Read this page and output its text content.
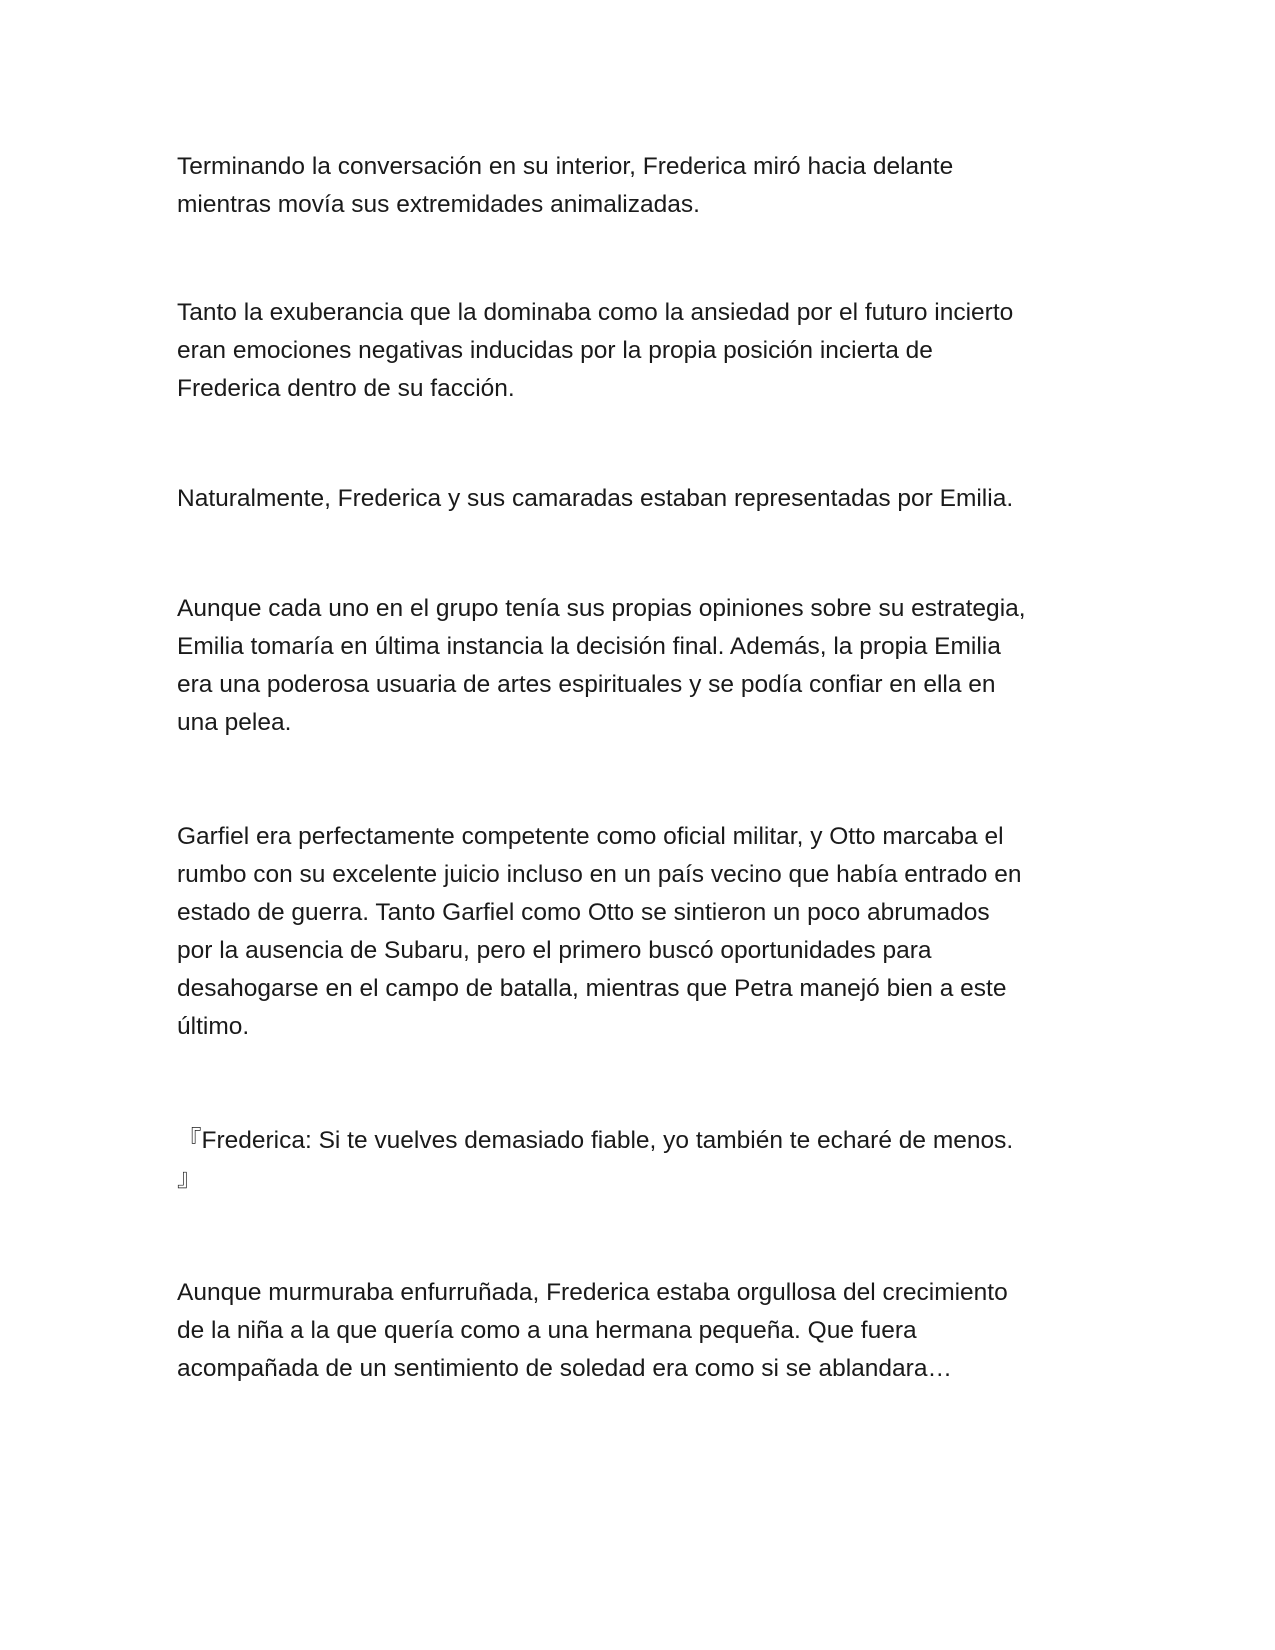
Terminando la conversación en su interior, Frederica miró hacia delante
mientras movía sus extremidades animalizadas.

Tanto la exuberancia que la dominaba como la ansiedad por el futuro incierto
eran emociones negativas inducidas por la propia posición incierta de
Frederica dentro de su facción.

Naturalmente, Frederica y sus camaradas estaban representadas por Emilia.

Aunque cada uno en el grupo tenía sus propias opiniones sobre su estrategia,
Emilia tomaría en última instancia la decisión final. Además, la propia Emilia
era una poderosa usuaria de artes espirituales y se podía confiar en ella en
una pelea.

Garfiel era perfectamente competente como oficial militar, y Otto marcaba el
rumbo con su excelente juicio incluso en un país vecino que había entrado en
estado de guerra. Tanto Garfiel como Otto se sintieron un poco abrumados
por la ausencia de Subaru, pero el primero buscó oportunidades para
desahogarse en el campo de batalla, mientras que Petra manejó bien a este
último.

『Frederica: Si te vuelves demasiado fiable, yo también te echaré de menos.
』

Aunque murmuraba enfurruñada, Frederica estaba orgullosa del crecimiento
de la niña a la que quería como a una hermana pequeña. Que fuera
acompañada de un sentimiento de soledad era como si se ablandara…
